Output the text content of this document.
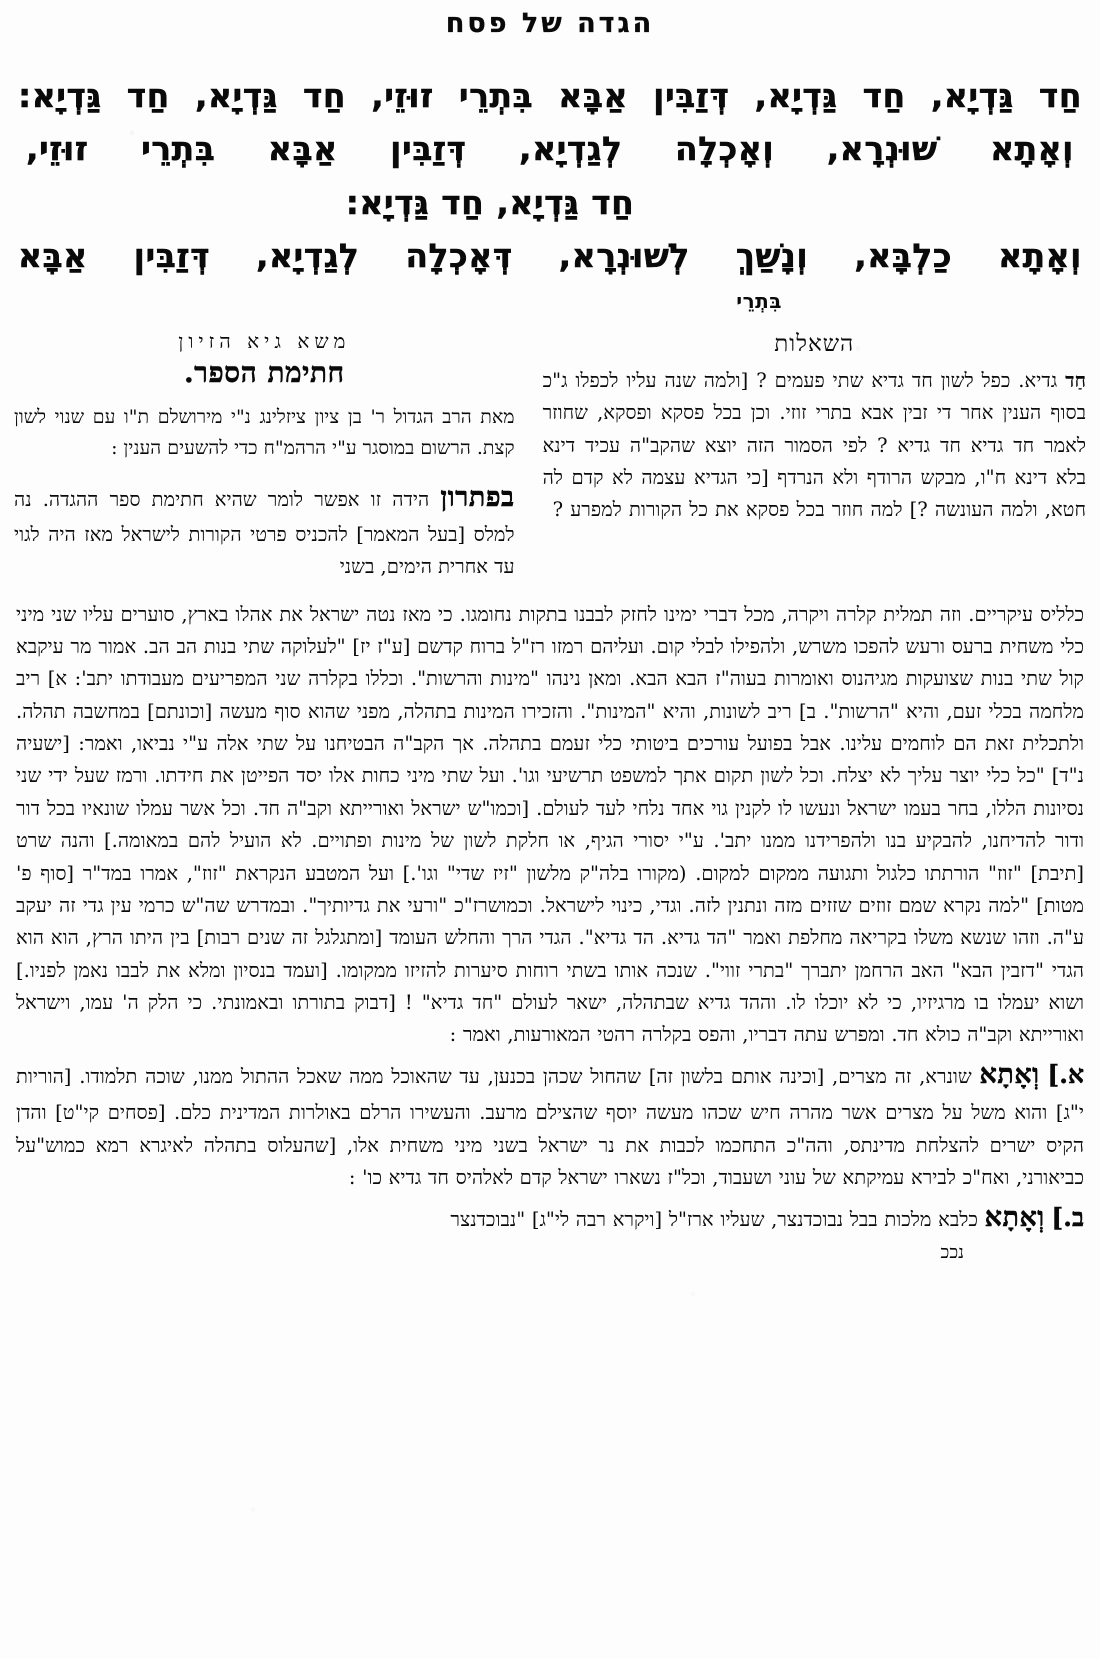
הגדה של פסח
חַד גַּדְיָא, חַד גַּדְיָא, דְּזַבִּין אַבָּא בִּתְרֵי זוּזֵי, חַד גַּדְיָא, חַד גַּדְיָא:
וְאָתָא שׁוּנְרָא, וְאָכְלָה לְגַדְיָא, דְּזַבִּין אַבָּא בִּתְרֵי זוּזֵי,
חַד גַּדְיָא, חַד גַּדְיָא:
וְאָתָא כַלְבָּא, וְנָשַׁךְ לְשׁוּנְרָא, דְּאָכְלָה לְגַדְיָא, דְּזַבִּין אַבָּא
בִּתְרֵי
השאלות
חַד גדיא. כפל לשון חד גדיא שתי פעמים ? [ולמה שנה עליו לכפלו ג"כ בסוף הענין אחר די זבין אבא בתרי זוזי. וכן בכל פסקא ופסקא, שחוזר לאמר חד גדיא חד גדיא ? לפי הסמור הזה יוצא שהקב"ה עכיד דינא בלא דינא ח"ו, מבקש הרודף ולא הנרדף [כי הגדיא עצמה לא קדם לה חטא, ולמה העונשה ?] למה חוזר בכל פסקא את כל הקורות למפרע ?
משא גיא הזיון
חתימת הספר.
מאת הרב הגדול ר' בן ציון ציזלינג נ"י מירושלם ת"ו עם שנוי לשון קצת. הרשום במוסגר ע"י הרהמ"ח כדי להשעים הענין :
בפתרון הידה זו אפשר לומר שהיא חתימת ספר ההגדה. נה למלס [בעל המאמר] להכניס פרטי הקורות לישראל מאז היה לגוי עד אחרית הימים, בשני

כלליס עיקריים. וזה תמלית קלרה ויקרה, מכל דברי ימינו לחזק לבבנו בתקות נחומגו. כי מאז נטה ישראל את אהלו בארץ, סוערים עליו שני מיני כלי משחית ברעס ורעש להפכו משרש, ולהפילו לבלי קום. ועליהם רמזו רז"ל ברוח קדשם [ע"ז יז] "לעלוקה שתי בנות הב הב. אמור מר עיקבא קול שתי בנות שצועקות מגיהנוס ואומרות בעוה"ז הבא הבא. ומאן נינהו "מינות והרשות". וכללו בקלרה שני המפריעים מעבודתו יתב': א] ריב מלחמה בכלי זעם, והיא "הרשות". ב] ריב לשונות, והיא "המינות". והזכירו המינות בתהלה, מפני שהוא סוף מעשה [וכונתם] במחשבה תהלה. ולתכלית זאת הם לוחמים עלינו. אבל בפועל עורכים ביטותי כלי זעמם בתהלה. אך הקב"ה הבטיחנו על שתי אלה ע"י נביאו, ואמר: [ישעיה נ"ד] "כל כלי יוצר עליך לא יצלח. וכל לשון תקום אתך למשפט תרשיעי וגו'. ועל שתי מיני כחות אלו יסד הפייטן את חידתו. ורמז שעל ידי שני נסיונות הללו, בחר בעמו ישראל ונעשו לו לקנין גוי אחד נלחי לעד לעולם. [וכמו"ש ישראל ואורייתא וקב"ה חד. וכל אשר עמלו שונאיו בכל דור ודור להדיחנו, להבקיע בנו ולהפרידנו ממנו יתב'. ע"י יסורי הגיף, או חלקת לשון של מינות ופתויים. לא הועיל להם במאומה.] והנה שרט [תיבת] "זוז" הורתתו כלגול ותגועה ממקום למקום. (מקורו בלה"ק מלשון "זיז שדי" וגו'.] ועל המטבע הנקראת "זוז", אמרו במד"ר [סוף פ' מטות] "למה נקרא שמם זוזים שזזים מזה ונתנין לזה. וגדי, כינוי לישראל. וכמושרז"כ "ורעי את גדיותיך". ובמדרש שה"ש כרמי עין גדי זה יעקב ע"ה. וזהו שנשא משלו בקריאה מחלפת ואמר "הד גדיא. הד גדיא". הגדי הרך והחלש העומד [ומתגלגל זה שנים רבות] בין היתו הרץ, הוא הוא הגדי "דזבין הבא" האב הרחמן יתברך "בתרי זווי". שנכה אותו בשתי רוחות סיערות להזיזו ממקומו. [ועמד בנסיון ומלא את לבבו נאמן לפניו.] ושוא יעמלו בו מרגיזיו, כי לא יוכלו לו. וההד גדיא שבתהלה, ישאר לעולם "חד גדיא" ! [דבוק בתורתו ובאמונתי. כי הלק ה' עמו, וישראל ואורייתא וקב"ה כולא חד. ומפרש עתה דבריו, והפס בקלרה רהטי המאורעות, ואמר :

א.] וְאָתָא שונרא, זה מצרים, [וכינה אותם בלשון זה] שהחול שכהן בכנען, עד שהאוכל ממה שאכל ההתול ממנו, שוכה תלמודו. [הוריות י"ג] והוא משל על מצרים אשר מהרה חיש שכהו מעשה יוסף שהצילם מרעב. והעשירו הרלם באולרות המדינית כלם. [פסחים קי"ט] והדן הקיס ישרים להצלחת מדינתס, והה"כ התחכמו לכבות את נר ישראל בשני מיני משחית אלו, [שהעלוס בתהלה לאיגרא רמא כמוש"על כביאורני, ואח"כ לבירא עמיקתא של עוני ושעבוד, וכל"ז נשארו ישראל קדם לאלהיס חד גדיא כו' :

ב.] וְאָתָא כלבא מלכות בבל נבוכדנצר, שעליו ארז"ל [ויקרא רבה לי"ג] "נבוכדנצר

נככ
